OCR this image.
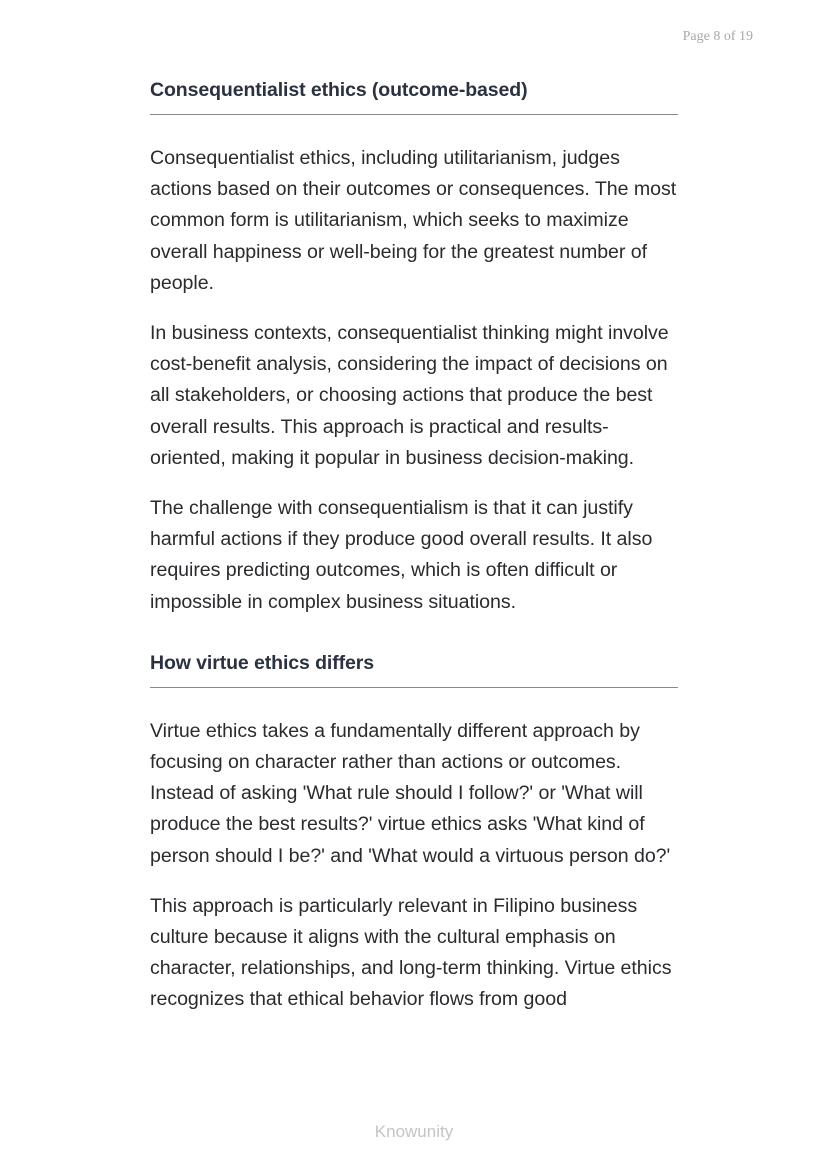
Page 8 of 19
Consequentialist ethics (outcome-based)

Consequentialist ethics, including utilitarianism, judges actions based on their outcomes or consequences. The most common form is utilitarianism, which seeks to maximize overall happiness or well-being for the greatest number of people.

In business contexts, consequentialist thinking might involve cost-benefit analysis, considering the impact of decisions on all stakeholders, or choosing actions that produce the best overall results. This approach is practical and results-oriented, making it popular in business decision-making.

The challenge with consequentialism is that it can justify harmful actions if they produce good overall results. It also requires predicting outcomes, which is often difficult or impossible in complex business situations.

How virtue ethics differs

Virtue ethics takes a fundamentally different approach by focusing on character rather than actions or outcomes. Instead of asking 'What rule should I follow?' or 'What will produce the best results?' virtue ethics asks 'What kind of person should I be?' and 'What would a virtuous person do?'

This approach is particularly relevant in Filipino business culture because it aligns with the cultural emphasis on character, relationships, and long-term thinking. Virtue ethics recognizes that ethical behavior flows from good

Knowunity
